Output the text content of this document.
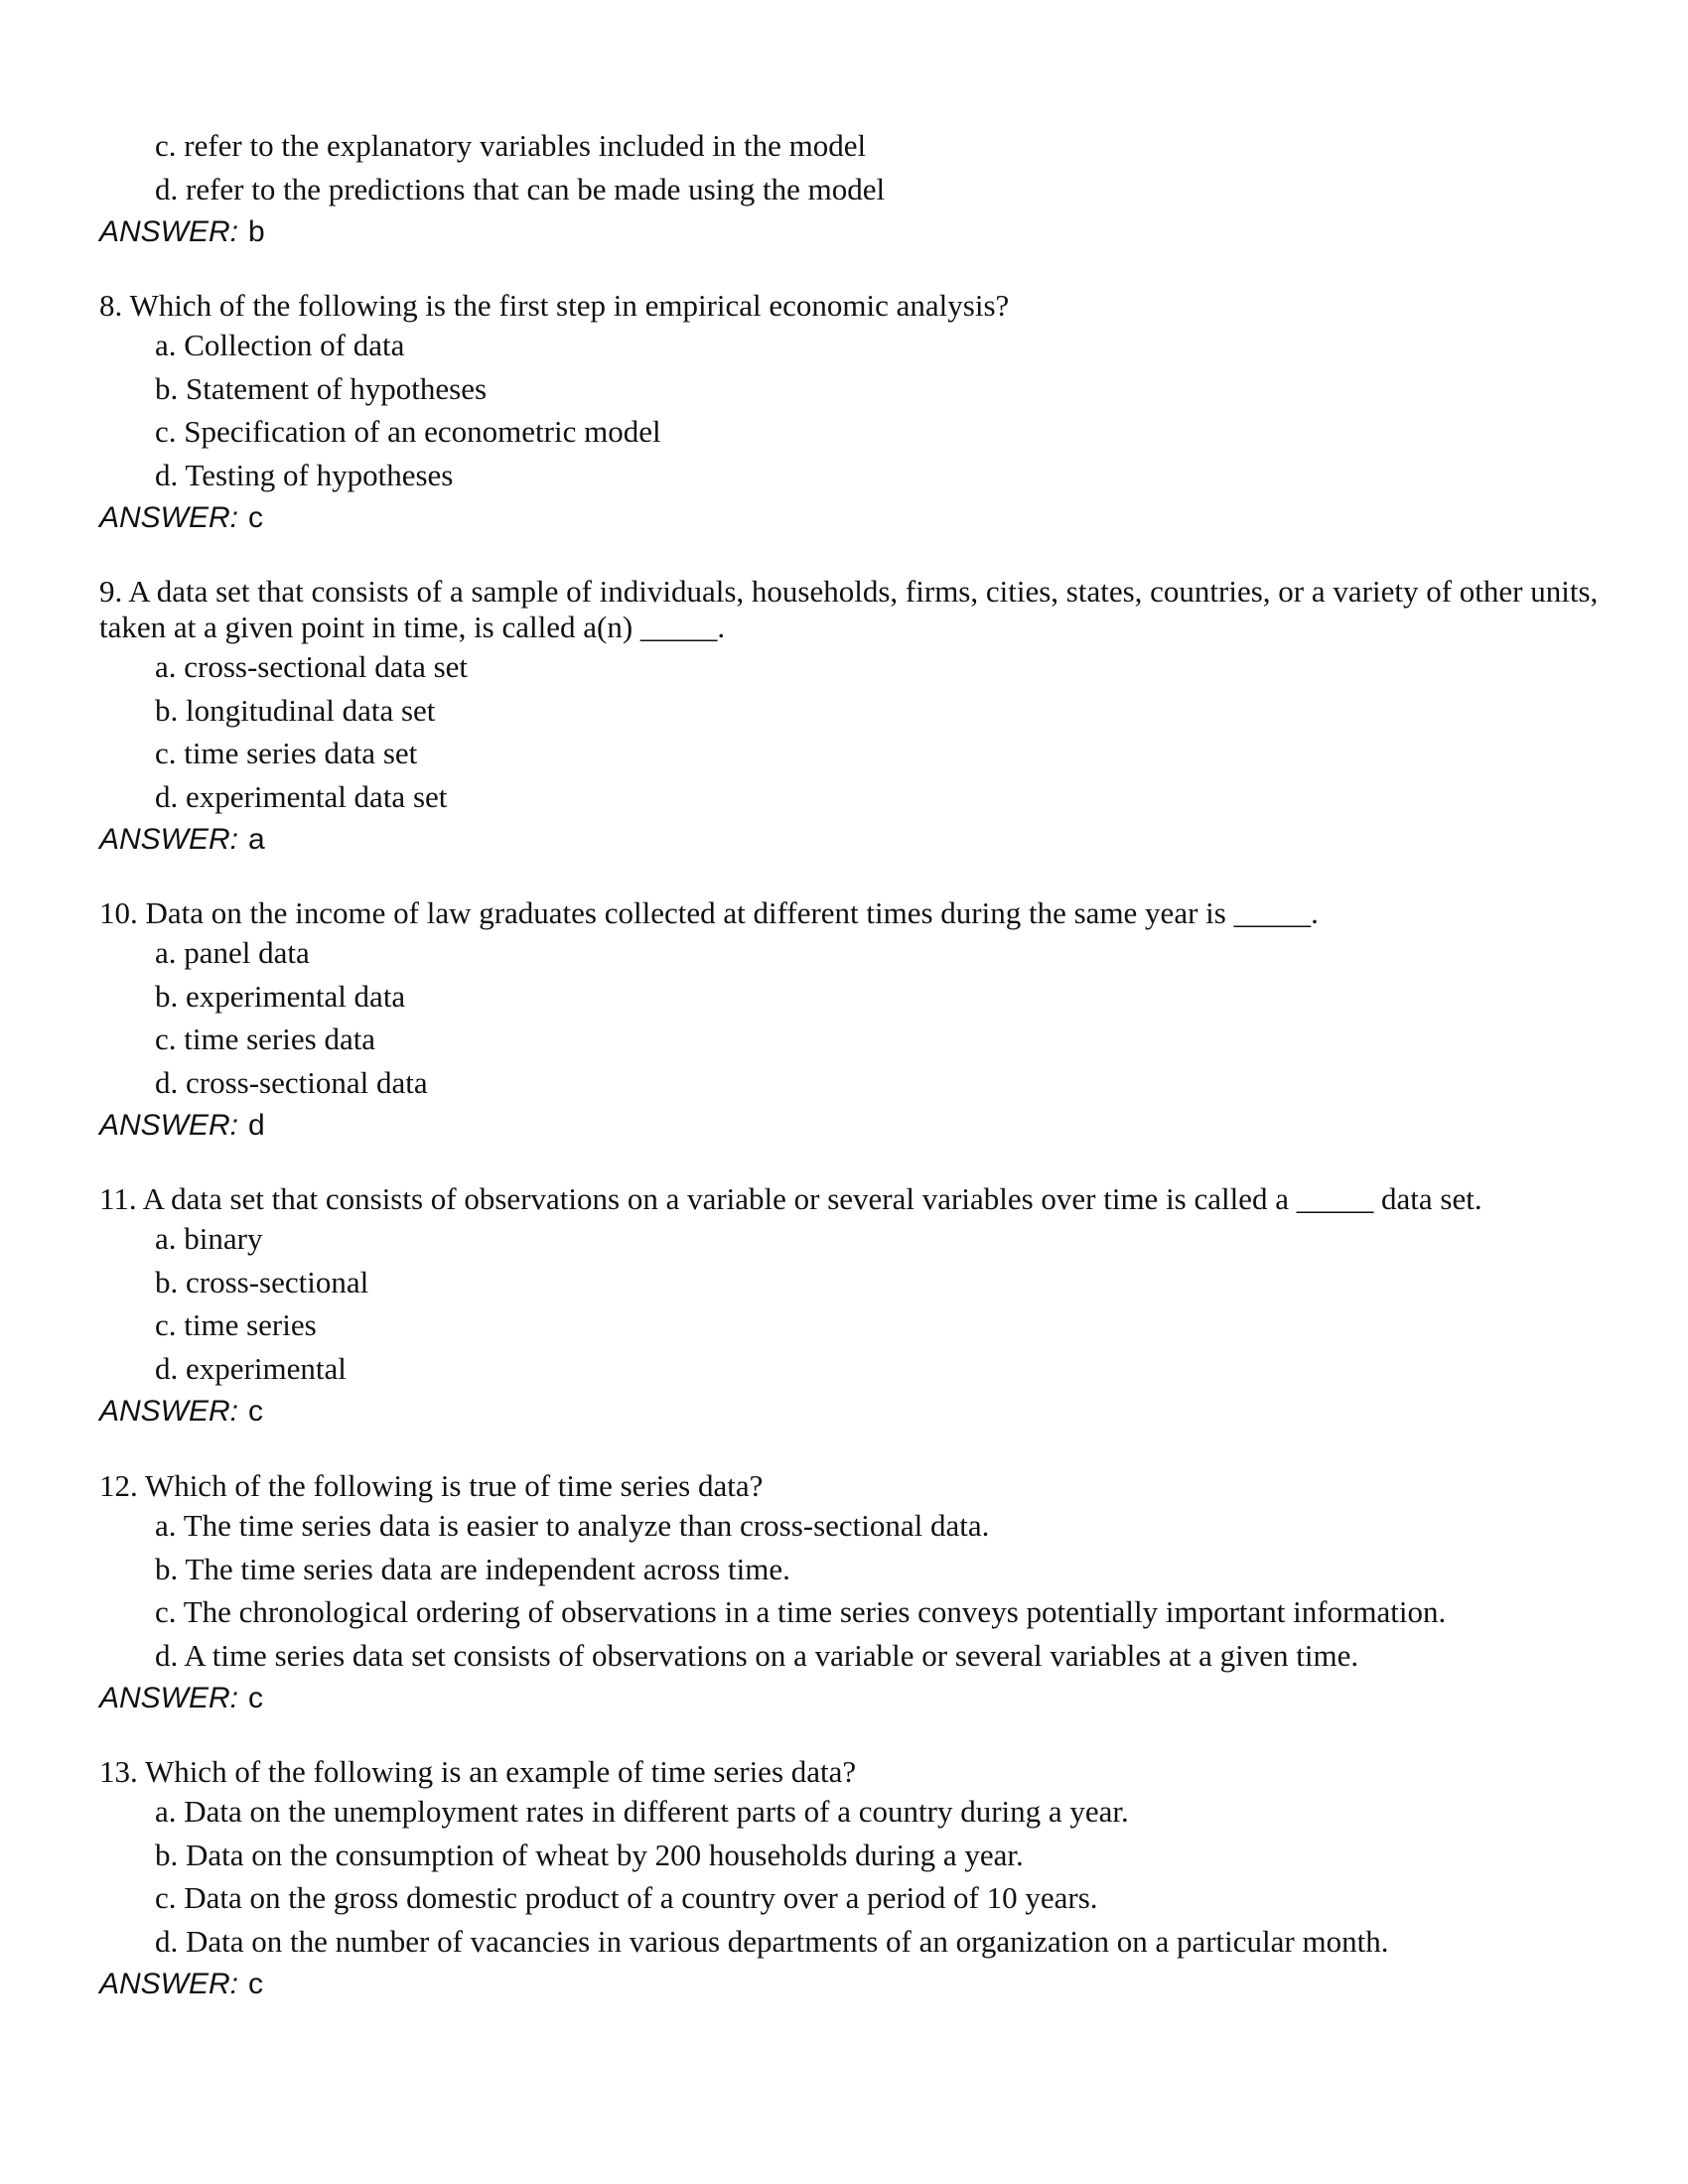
c. refer to the explanatory variables included in the model

d. refer to the predictions that can be made using the model

ANSWER: b

8. Which of the following is the first step in empirical economic analysis?

a. Collection of data

b. Statement of hypotheses

c. Specification of an econometric model

d. Testing of hypotheses

ANSWER: c

9. A data set that consists of a sample of individuals, households, firms, cities, states, countries, or a variety of other units, taken at a given point in time, is called a(n) _____.

a. cross-sectional data set

b. longitudinal data set

c. time series data set

d. experimental data set

ANSWER: a

10. Data on the income of law graduates collected at different times during the same year is _____.

a. panel data

b. experimental data

c. time series data

d. cross-sectional data

ANSWER: d

11. A data set that consists of observations on a variable or several variables over time is called a _____ data set.

a. binary

b. cross-sectional

c. time series

d. experimental

ANSWER: c

12. Which of the following is true of time series data?

a. The time series data is easier to analyze than cross-sectional data.

b. The time series data are independent across time.

c. The chronological ordering of observations in a time series conveys potentially important information.

d. A time series data set consists of observations on a variable or several variables at a given time.

ANSWER: c

13. Which of the following is an example of time series data?

a. Data on the unemployment rates in different parts of a country during a year.

b. Data on the consumption of wheat by 200 households during a year.

c. Data on the gross domestic product of a country over a period of 10 years.

d. Data on the number of vacancies in various departments of an organization on a particular month.

ANSWER: c
